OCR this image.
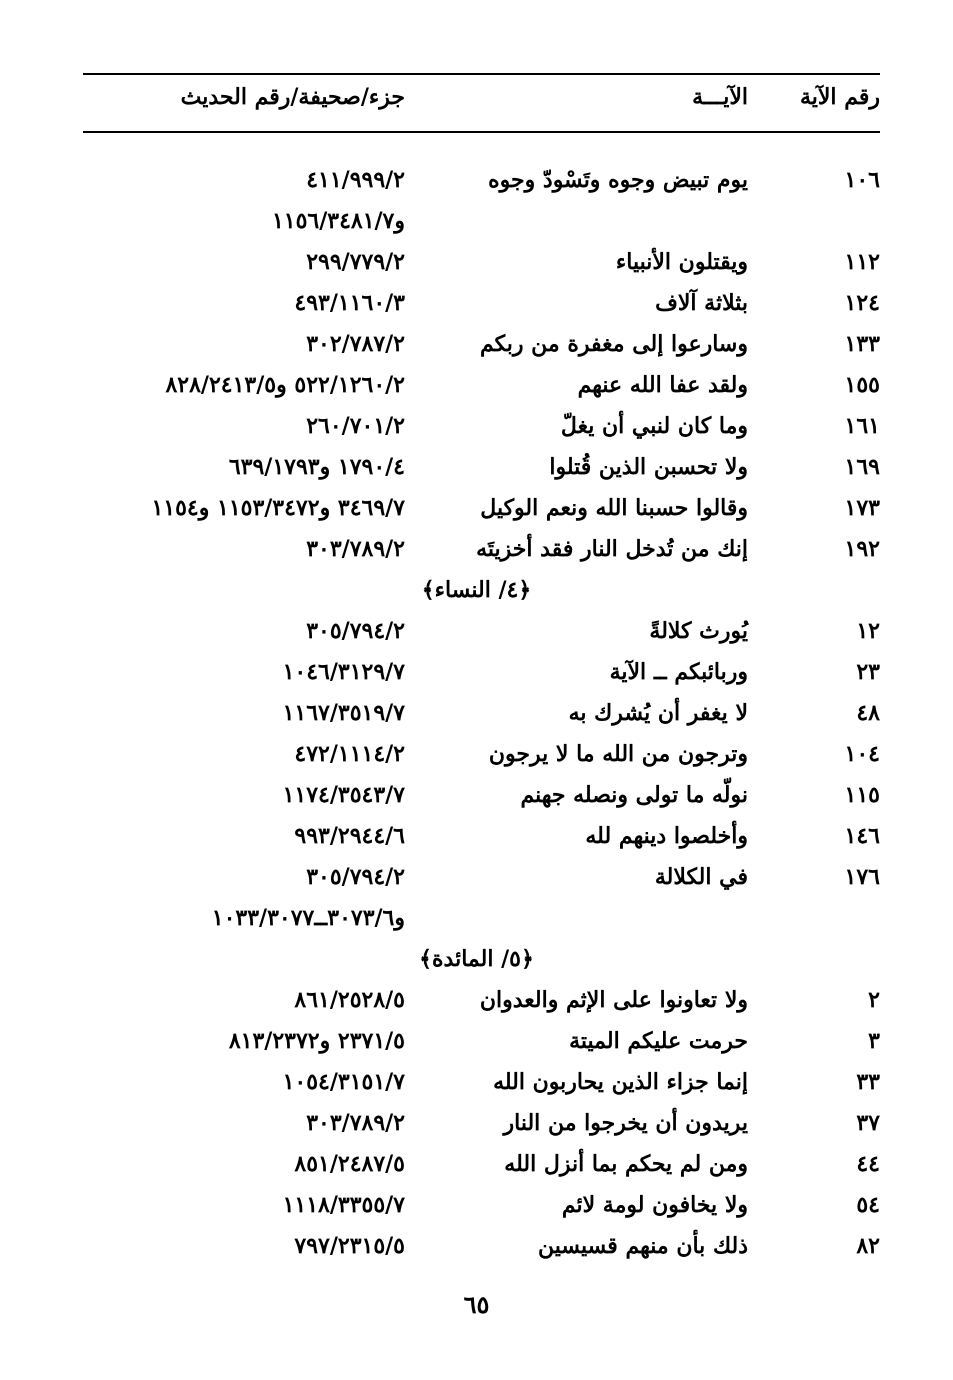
رقم الآية
الآيـــة
جزء/صحيفة/رقم الحديث
١٠٦
يوم تبيض وجوه وتَسْودّ وجوه
٤١١/٩٩٩/٢
و١١٥٦/٣٤٨١/٧
١١٢
ويقتلون الأنبياء
٢٩٩/٧٧٩/٢
١٢٤
بثلاثة آلاف
٤٩٣/١١٦٠/٣
١٣٣
وسارعوا إلى مغفرة من ربكم
٣٠٢/٧٨٧/٢
١٥٥
ولقد عفا الله عنهم
٥٢٢/١٢٦٠/٢ و٨٢٨/٢٤١٣/٥
١٦١
وما كان لنبي أن يغلّ
٢٦٠/٧٠١/٢
١٦٩
ولا تحسبن الذين قُتلوا
١٧٩٠/٤ و٦٣٩/١٧٩٣
١٧٣
وقالوا حسبنا الله ونعم الوكيل
٣٤٦٩/٧ و١١٥٣/٣٤٧٢ و١١٥٤
١٩٢
إنك من تُدخل النار فقد أخزيتَه
٣٠٣/٧٨٩/٢
﴿٤/ النساء﴾
١٢
يُورث كلالةً
٣٠٥/٧٩٤/٢
٢٣
وربائبكم ــ الآية
١٠٤٦/٣١٢٩/٧
٤٨
لا يغفر أن يُشرك به
١١٦٧/٣٥١٩/٧
١٠٤
وترجون من الله ما لا يرجون
٤٧٢/١١١٤/٢
١١٥
نولّه ما تولى ونصله جهنم
١١٧٤/٣٥٤٣/٧
١٤٦
وأخلصوا دينهم لله
٩٩٣/٢٩٤٤/٦
١٧٦
في الكلالة
٣٠٥/٧٩٤/٢
و٣٠٧٣/٦ــ١٠٣٣/٣٠٧٧
﴿٥/ المائدة﴾
٢
ولا تعاونوا على الإثم والعدوان
٨٦١/٢٥٢٨/٥
٣
حرمت عليكم الميتة
٢٣٧١/٥ و٨١٣/٢٣٧٢
٣٣
إنما جزاء الذين يحاربون الله
١٠٥٤/٣١٥١/٧
٣٧
يريدون أن يخرجوا من النار
٣٠٣/٧٨٩/٢
٤٤
ومن لم يحكم بما أنزل الله
٨٥١/٢٤٨٧/٥
٥٤
ولا يخافون لومة لائم
١١١٨/٣٣٥٥/٧
٨٢
ذلك بأن منهم قسيسين
٧٩٧/٢٣١٥/٥
٦٥
